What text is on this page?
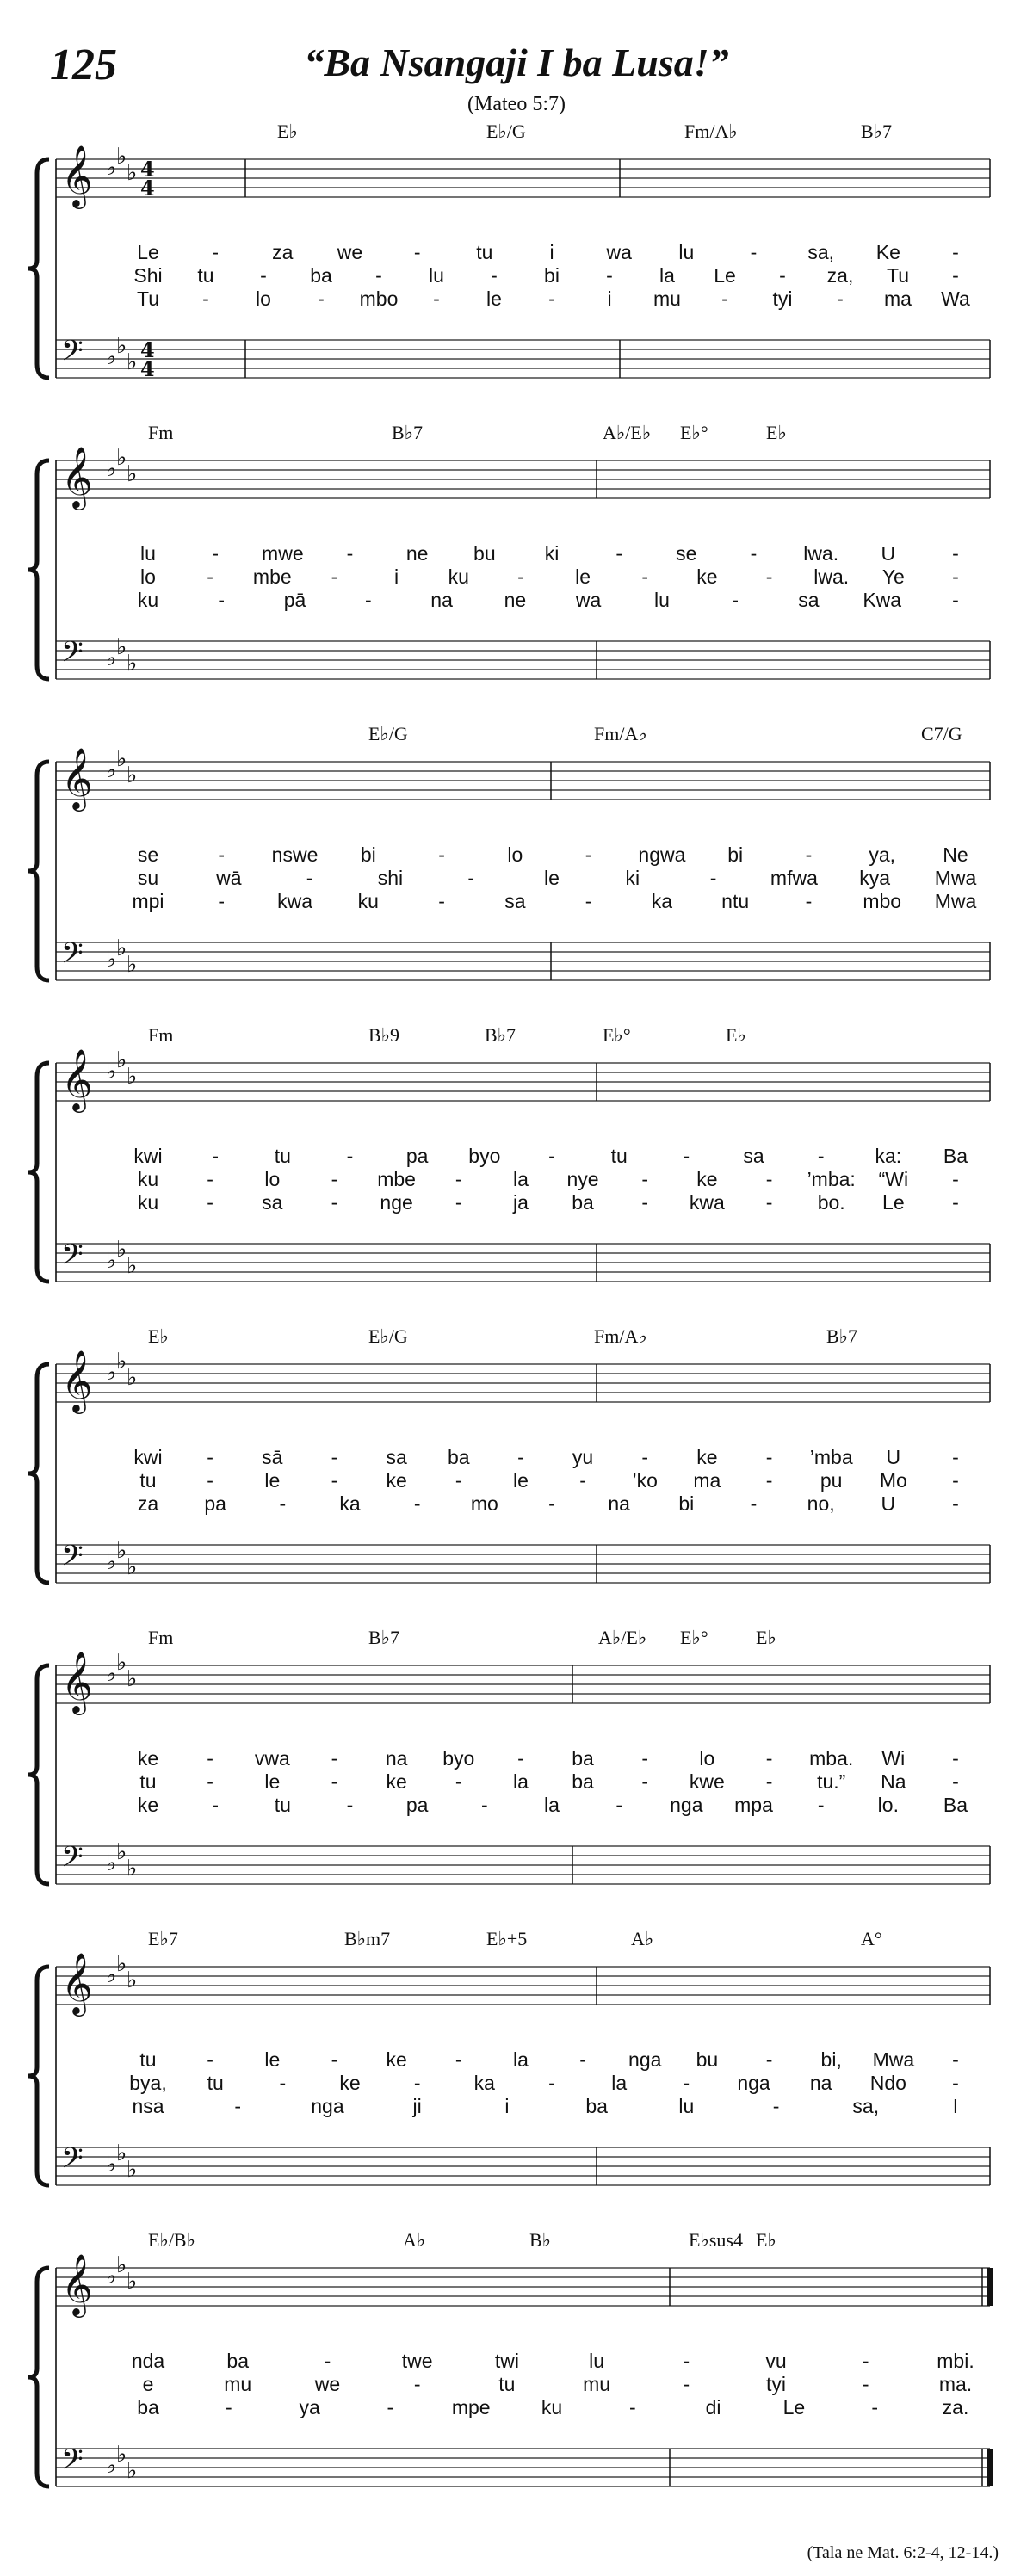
125	“Ba Nsangaji I ba Lusa!”
(Mateo 5:7)
𝄞 ♭ ♭
♭ 4
4
𝄢 ♭ ♭
♭ 4
4
E♭	E♭/G	Fm/A♭	B♭7
Le	-	za we	-	tu	i	wa lu	-	sa, Ke	-
Shi tu - ba - lu - bi - la Le - za, Tu -
Tu - lo - mbo - le -	i mu - tyi - ma Wa
𝄞 ♭ ♭
♭
𝄢 ♭ ♭
♭
Fm	B♭7	A♭/E♭ E♭°	E♭
lu	- mwe -	ne bu ki	-	se	- lwa. U	-
lo	- mbe -	i ku -	le	- ke - lwa. Ye -
ku	-	pā	-	na	ne	wa	lu	-	sa Kwa	-
𝄞 ♭ ♭
♭
𝄢 ♭ ♭
♭
E♭/G	Fm/A♭	C7/G
se	- nswe bi	-	lo	- ngwa bi	-	ya, Ne
su	wā	-	shi	-	le	ki	-	mfwa kya Mwa
mpi	-	kwa ku	-	sa	-	ka ntu	-	mbo Mwa
𝄞 ♭ ♭
♭
𝄢 ♭ ♭
♭
Fm	B♭9	B♭7	E♭°	E♭
kwi	-	tu	-	pa byo -	tu	-	sa	-	ka: Ba
ku -	lo	- mbe -	la nye - ke - ’mba: “Wi -
ku - sa - nge -	ja ba - kwa - bo. Le -
𝄞 ♭ ♭
♭
𝄢 ♭ ♭
♭
E♭	E♭/G	Fm/A♭	B♭7
kwi - sā - sa ba - yu - ke - ’mba U	-
tu	-	le	- ke -	le	- ’ko ma - pu Mo -
za pa	-	ka	-	mo	-	na bi	-	no, U	-
𝄞 ♭ ♭
♭
𝄢 ♭ ♭
♭
Fm	B♭7	A♭/E♭ E♭°	E♭
ke - vwa - na byo - ba -	lo	- mba. Wi -
tu	-	le	- ke -	la ba - kwe - tu.” Na -
ke	-	tu	-	pa	-	la	- nga mpa -	lo. Ba
𝄞 ♭ ♭
♭
𝄢 ♭ ♭
♭
E♭7	B♭m7	E♭+5	A♭	A°
tu	-	le	- ke -	la	- nga bu - bi, Mwa -
bya, tu	-	ke	-	ka	-	la	- nga na Ndo -
nsa	-	nga	ji	i	ba	lu	-	sa,	I
𝄞 ♭ ♭
♭
𝄢 ♭ ♭
♭
E♭/B♭	A♭	B♭	E♭sus4 E♭
nda	ba	-	twe	twi	lu	-	vu	-	mbi.
e	mu	we	-	tu	mu	-	tyi	-	ma.
ba	-	ya	-	mpe	ku	-	di	Le	-	za.
(Tala ne Mat. 6:2-4, 12-14.)
